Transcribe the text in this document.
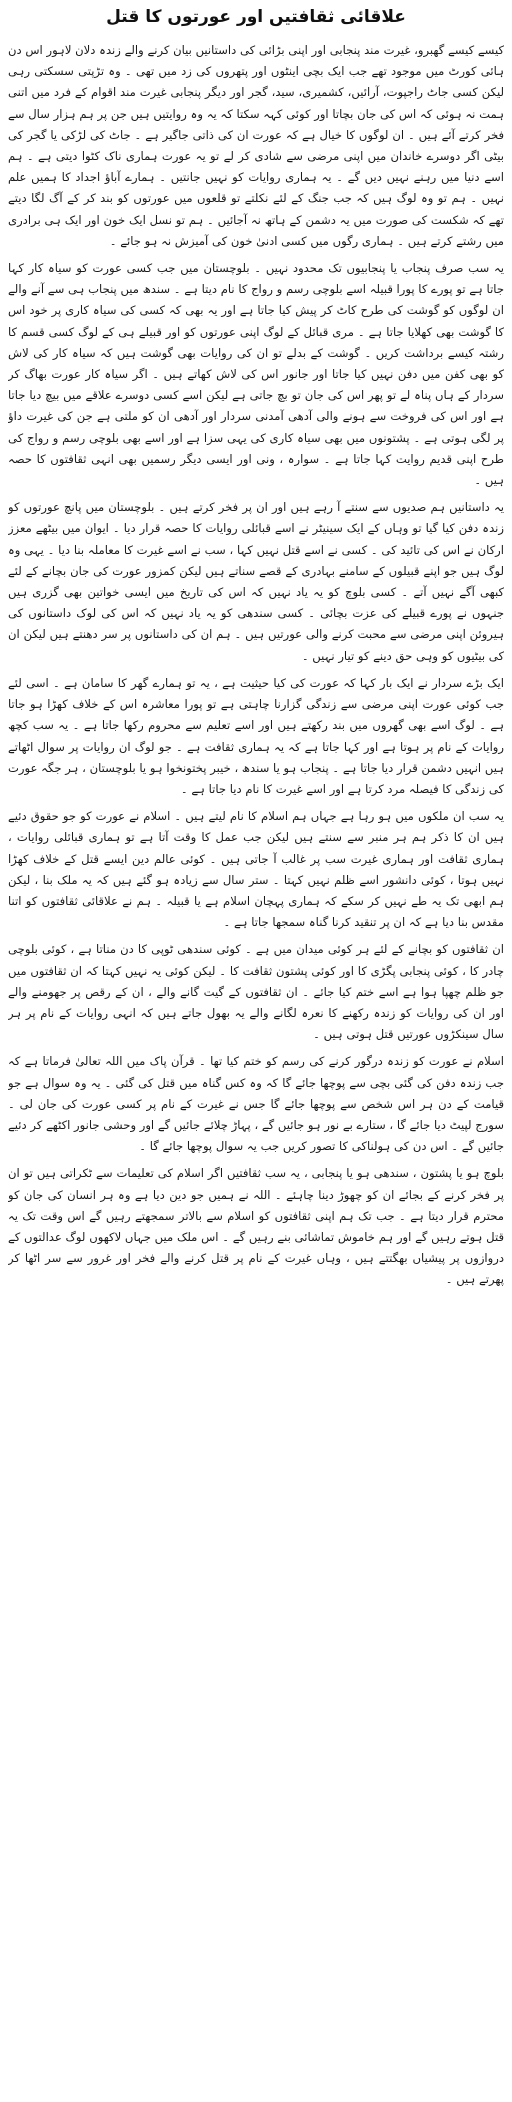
علاقائی ثقافتیں اور عورتوں کا قتل

کیسے کیسے گھبرو، غیرت مند پنجابی اور اپنی بڑائی کی داستانیں بیان کرنے والے زندہ دلان لاہور اس دن ہائی کورٹ میں موجود تھے جب ایک بچی اینٹوں اور پتھروں کی زد میں تھی ۔ وہ تڑپتی سسکتی رہی لیکن کسی جاٹ راجپوت، آرائیں، کشمیری، سید، گجر اور دیگر پنجابی غیرت مند اقوام کے فرد میں اتنی ہمت نہ ہوئی کہ اس کی جان بچاتا اور کوئی کہہ سکتا کہ یہ وہ روایتیں ہیں جن پر ہم ہزار سال سے فخر کرتے آئے ہیں ۔ ان لوگوں کا خیال ہے کہ عورت ان کی ذاتی جاگیر ہے ۔ جاٹ کی لڑکی یا گجر کی بیٹی اگر دوسرے خاندان میں اپنی مرضی سے شادی کر لے تو یہ عورت ہماری ناک کٹوا دیتی ہے ۔ ہم اسے دنیا میں رہنے نہیں دیں گے ۔ یہ ہماری روایات کو نہیں جانتیں ۔ ہمارے آباؤ اجداد کا ہمیں علم نہیں ۔ ہم تو وہ لوگ ہیں کہ جب جنگ کے لئے نکلتے تو قلعوں میں عورتوں کو بند کر کے آگ لگا دیتے تھے کہ شکست کی صورت میں یہ دشمن کے ہاتھ نہ آجائیں ۔ ہم تو نسل ایک خون اور ایک ہی برادری میں رشتے کرتے ہیں ۔ ہماری رگوں میں کسی ادنیٰ خون کی آمیزش نہ ہو جائے ۔

یہ سب صرف پنجاب یا پنجابیوں تک محدود نہیں ۔ بلوچستان میں جب کسی عورت کو سیاہ کار کہا جاتا ہے تو پورے کا پورا قبیلہ اسے بلوچی رسم و رواج کا نام دیتا ہے ۔ سندھ میں پنجاب ہی سے آنے والے ان لوگوں کو گوشت کی طرح کاٹ کر پیش کیا جاتا ہے اور یہ بھی کہ کسی کی سیاہ کاری پر خود اس کا گوشت بھی کھلایا جاتا ہے ۔ مری قبائل کے لوگ اپنی عورتوں کو اور قبیلے ہی کے لوگ کسی قسم کا رشتہ کیسے برداشت کریں ۔ گوشت کے بدلے تو ان کی روایات بھی گوشت ہیں کہ سیاہ کار کی لاش کو بھی کفن میں دفن نہیں کیا جاتا اور جانور اس کی لاش کھاتے ہیں ۔ اگر سیاہ کار عورت بھاگ کر سردار کے ہاں پناہ لے تو پھر اس کی جان تو بچ جاتی ہے لیکن اسے کسی دوسرے علاقے میں بیچ دیا جاتا ہے اور اس کی فروخت سے ہونے والی آدھی آمدنی سردار اور آدھی ان کو ملتی ہے جن کی غیرت داؤ پر لگی ہوتی ہے ۔ پشتونوں میں بھی سیاہ کاری کی یہی سزا ہے اور اسے بھی بلوچی رسم و رواج کی طرح اپنی قدیم روایت کہا جاتا ہے ۔ سوارہ ، ونی اور ایسی دیگر رسمیں بھی انہی ثقافتوں کا حصہ ہیں ۔

یہ داستانیں ہم صدیوں سے سنتے آ رہے ہیں اور ان پر فخر کرتے ہیں ۔ بلوچستان میں پانچ عورتوں کو زندہ دفن کیا گیا تو وہاں کے ایک سینیٹر نے اسے قبائلی روایات کا حصہ قرار دیا ۔ ایوان میں بیٹھے معزز ارکان نے اس کی تائید کی ۔ کسی نے اسے قتل نہیں کہا ، سب نے اسے غیرت کا معاملہ بنا دیا ۔ یہی وہ لوگ ہیں جو اپنے قبیلوں کے سامنے بہادری کے قصے سناتے ہیں لیکن کمزور عورت کی جان بچانے کے لئے کبھی آگے نہیں آتے ۔ کسی بلوچ کو یہ یاد نہیں کہ اس کی تاریخ میں ایسی خواتین بھی گزری ہیں جنہوں نے پورے قبیلے کی عزت بچائی ۔ کسی سندھی کو یہ یاد نہیں کہ اس کی لوک داستانوں کی ہیروئن اپنی مرضی سے محبت کرنے والی عورتیں ہیں ۔ ہم ان کی داستانوں پر سر دھنتے ہیں لیکن ان کی بیٹیوں کو وہی حق دینے کو تیار نہیں ۔

ایک بڑے سردار نے ایک بار کہا کہ عورت کی کیا حیثیت ہے ، یہ تو ہمارے گھر کا سامان ہے ۔ اسی لئے جب کوئی عورت اپنی مرضی سے زندگی گزارنا چاہتی ہے تو پورا معاشرہ اس کے خلاف کھڑا ہو جاتا ہے ۔ لوگ اسے بھی گھروں میں بند رکھتے ہیں اور اسے تعلیم سے محروم رکھا جاتا ہے ۔ یہ سب کچھ روایات کے نام پر ہوتا ہے اور کہا جاتا ہے کہ یہ ہماری ثقافت ہے ۔ جو لوگ ان روایات پر سوال اٹھاتے ہیں انہیں دشمن قرار دیا جاتا ہے ۔ پنجاب ہو یا سندھ ، خیبر پختونخوا ہو یا بلوچستان ، ہر جگہ عورت کی زندگی کا فیصلہ مرد کرتا ہے اور اسے غیرت کا نام دیا جاتا ہے ۔

یہ سب ان ملکوں میں ہو رہا ہے جہاں ہم اسلام کا نام لیتے ہیں ۔ اسلام نے عورت کو جو حقوق دئیے ہیں ان کا ذکر ہم ہر منبر سے سنتے ہیں لیکن جب عمل کا وقت آتا ہے تو ہماری قبائلی روایات ، ہماری ثقافت اور ہماری غیرت سب پر غالب آ جاتی ہیں ۔ کوئی عالم دین ایسے قتل کے خلاف کھڑا نہیں ہوتا ، کوئی دانشور اسے ظلم نہیں کہتا ۔ ستر سال سے زیادہ ہو گئے ہیں کہ یہ ملک بنا ، لیکن ہم ابھی تک یہ طے نہیں کر سکے کہ ہماری پہچان اسلام ہے یا قبیلہ ۔ ہم نے علاقائی ثقافتوں کو اتنا مقدس بنا دیا ہے کہ ان پر تنقید کرنا گناہ سمجھا جاتا ہے ۔

ان ثقافتوں کو بچانے کے لئے ہر کوئی میدان میں ہے ۔ کوئی سندھی ٹوپی کا دن مناتا ہے ، کوئی بلوچی چادر کا ، کوئی پنجابی پگڑی کا اور کوئی پشتون ثقافت کا ۔ لیکن کوئی یہ نہیں کہتا کہ ان ثقافتوں میں جو ظلم چھپا ہوا ہے اسے ختم کیا جائے ۔ ان ثقافتوں کے گیت گانے والے ، ان کے رقص پر جھومنے والے اور ان کی روایات کو زندہ رکھنے کا نعرہ لگانے والے یہ بھول جاتے ہیں کہ انہی روایات کے نام پر ہر سال سینکڑوں عورتیں قتل ہوتی ہیں ۔

اسلام نے عورت کو زندہ درگور کرنے کی رسم کو ختم کیا تھا ۔ قرآن پاک میں اللہ تعالیٰ فرماتا ہے کہ جب زندہ دفن کی گئی بچی سے پوچھا جائے گا کہ وہ کس گناہ میں قتل کی گئی ۔ یہ وہ سوال ہے جو قیامت کے دن ہر اس شخص سے پوچھا جائے گا جس نے غیرت کے نام پر کسی عورت کی جان لی ۔ سورج لپیٹ دیا جائے گا ، ستارے بے نور ہو جائیں گے ، پہاڑ چلائے جائیں گے اور وحشی جانور اکٹھے کر دئیے جائیں گے ۔ اس دن کی ہولناکی کا تصور کریں جب یہ سوال پوچھا جائے گا ۔

بلوچ ہو یا پشتون ، سندھی ہو یا پنجابی ، یہ سب ثقافتیں اگر اسلام کی تعلیمات سے ٹکراتی ہیں تو ان پر فخر کرنے کے بجائے ان کو چھوڑ دینا چاہئے ۔ اللہ نے ہمیں جو دین دیا ہے وہ ہر انسان کی جان کو محترم قرار دیتا ہے ۔ جب تک ہم اپنی ثقافتوں کو اسلام سے بالاتر سمجھتے رہیں گے اس وقت تک یہ قتل ہوتے رہیں گے اور ہم خاموش تماشائی بنے رہیں گے ۔ اس ملک میں جہاں لاکھوں لوگ عدالتوں کے دروازوں پر پیشیاں بھگتتے ہیں ، وہاں غیرت کے نام پر قتل کرنے والے فخر اور غرور سے سر اٹھا کر پھرتے ہیں ۔
